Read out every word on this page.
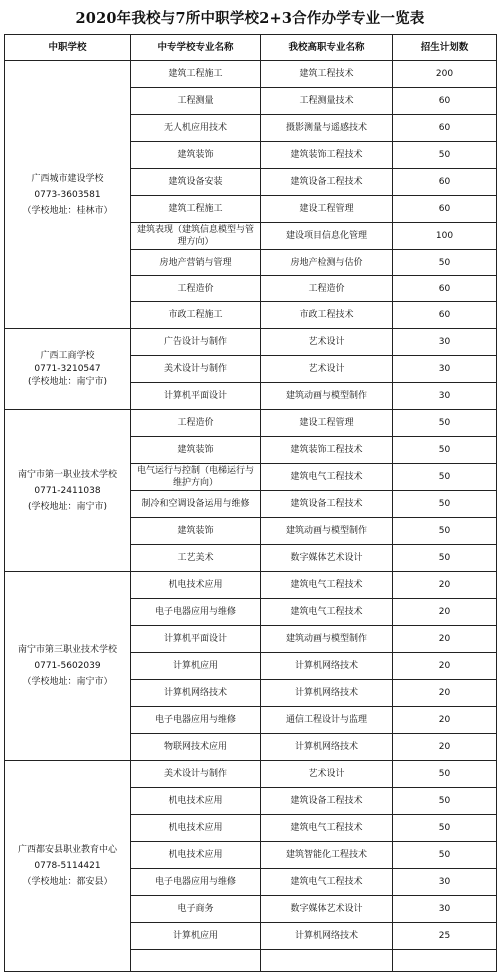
2020年我校与7所中职学校2+3合作办学专业一览表
中职学校	中专学校专业名称	我校高职专业名称	招生计划数

广西城市建设学校
0773-3603581
（学校地址：桂林市）	建筑工程施工	建筑工程技术	200
	工程测量	工程测量技术	60
	无人机应用技术	摄影测量与遥感技术	60
	建筑装饰	建筑装饰工程技术	50
	建筑设备安装	建筑设备工程技术	60
	建筑工程施工	建设工程管理	60
	建筑表现（建筑信息模型与管理方向）	建设项目信息化管理	100
	房地产营销与管理	房地产检测与估价	50
	工程造价	工程造价	60
	市政工程施工	市政工程技术	60

广西工商学校
0771-3210547
(学校地址：南宁市)	广告设计与制作	艺术设计	30
	美术设计与制作	艺术设计	30
	计算机平面设计	建筑动画与模型制作	30

南宁市第一职业技术学校
0771-2411038
(学校地址：南宁市)	工程造价	建设工程管理	50
	建筑装饰	建筑装饰工程技术	50
	电气运行与控制（电梯运行与维护方向）	建筑电气工程技术	50
	制冷和空调设备运用与维修	建筑设备工程技术	50
	建筑装饰	建筑动画与模型制作	50
	工艺美术	数字媒体艺术设计	50

南宁市第三职业技术学校
0771-5602039
（学校地址：南宁市）	机电技术应用	建筑电气工程技术	20
	电子电器应用与维修	建筑电气工程技术	20
	计算机平面设计	建筑动画与模型制作	20
	计算机应用	计算机网络技术	20
	计算机网络技术	计算机网络技术	20
	电子电器应用与维修	通信工程设计与监理	20
	物联网技术应用	计算机网络技术	20

广西都安县职业教育中心
0778-5114421
（学校地址：都安县）	美术设计与制作	艺术设计	50
	机电技术应用	建筑设备工程技术	50
	机电技术应用	建筑电气工程技术	50
	机电技术应用	建筑智能化工程技术	50
	电子电器应用与维修	建筑电气工程技术	30
	电子商务	数字媒体艺术设计	30
	计算机应用	计算机网络技术	25
